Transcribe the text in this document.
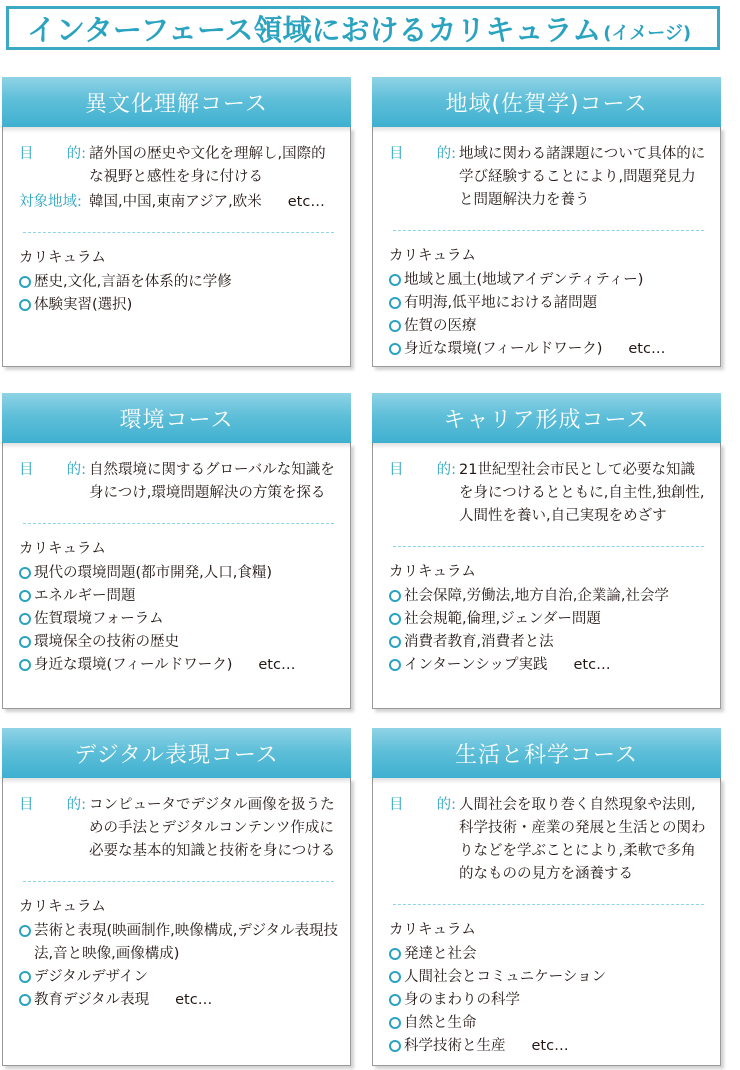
インターフェース領域におけるカリキュラム (イメージ)
異文化理解コース
目 的: 諸外国の歴史や文化を理解し,国際的な視野と感性を身に付ける
対象地域: 韓国,中国,東南アジア,欧米 etc…
カリキュラム
歴史,文化,言語を体系的に学修
体験実習(選択)
地域(佐賀学)コース
目 的: 地域に関わる諸課題について具体的に学び経験することにより,問題発見力と問題解決力を養う
カリキュラム
地域と風土(地域アイデンティティー)
有明海,低平地における諸問題
佐賀の医療
身近な環境(フィールドワーク) etc…
環境コース
目 的: 自然環境に関するグローバルな知識を身につけ,環境問題解決の方策を探る
カリキュラム
現代の環境問題(都市開発,人口,食糧)
エネルギー問題
佐賀環境フォーラム
環境保全の技術の歴史
身近な環境(フィールドワーク) etc…
キャリア形成コース
目 的: 21世紀型社会市民として必要な知識を身につけるとともに,自主性,独創性,人間性を養い,自己実現をめざす
カリキュラム
社会保障,労働法,地方自治,企業論,社会学
社会規範,倫理,ジェンダー問題
消費者教育,消費者と法
インターンシップ実践 etc…
デジタル表現コース
目 的: コンピュータでデジタル画像を扱うための手法とデジタルコンテンツ作成に必要な基本的知識と技術を身につける
カリキュラム
芸術と表現(映画制作,映像構成,デジタル表現技法,音と映像,画像構成)
デジタルデザイン
教育デジタル表現 etc…
生活と科学コース
目 的: 人間社会を取り巻く自然現象や法則,科学技術・産業の発展と生活との関わりなどを学ぶことにより,柔軟で多角的なものの見方を涵養する
カリキュラム
発達と社会
人間社会とコミュニケーション
身のまわりの科学
自然と生命
科学技術と生産 etc…
